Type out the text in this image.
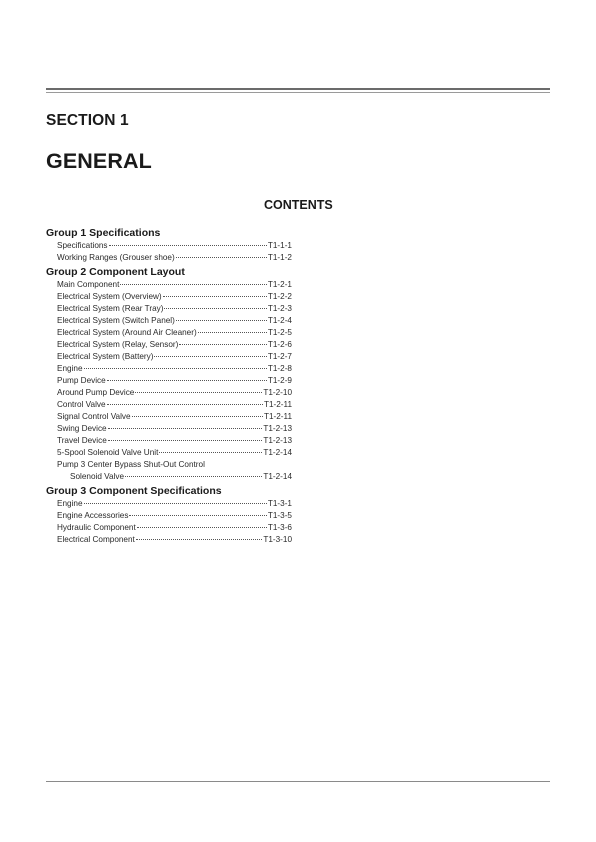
SECTION 1
GENERAL
CONTENTS
Group 1 Specifications
Specifications	T1-1-1
Working Ranges (Grouser shoe)	T1-1-2
Group 2 Component Layout
Main Component	T1-2-1
Electrical System (Overview)	T1-2-2
Electrical System (Rear Tray)	T1-2-3
Electrical System (Switch Panel)	T1-2-4
Electrical System (Around Air Cleaner)	T1-2-5
Electrical System (Relay, Sensor)	T1-2-6
Electrical System (Battery)	T1-2-7
Engine	T1-2-8
Pump Device	T1-2-9
Around Pump Device	T1-2-10
Control Valve	T1-2-11
Signal Control Valve	T1-2-11
Swing Device	T1-2-13
Travel Device	T1-2-13
5-Spool Solenoid Valve Unit	T1-2-14
Pump 3 Center Bypass Shut-Out Control
Solenoid Valve	T1-2-14
Group 3 Component Specifications
Engine	T1-3-1
Engine Accessories	T1-3-5
Hydraulic Component	T1-3-6
Electrical Component	T1-3-10
